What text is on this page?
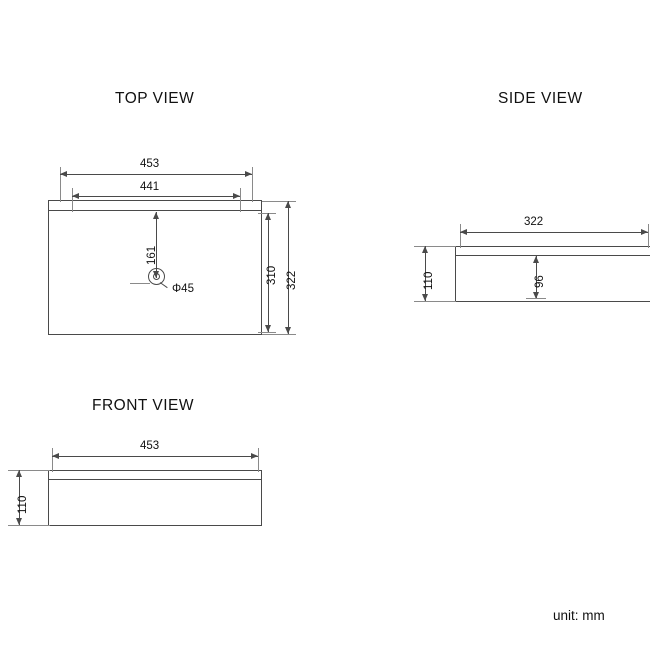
TOP VIEW
Φ45
453
441
310 322
161
SIDE VIEW
322
110	96
FRONT VIEW
453
110
unit: mm
